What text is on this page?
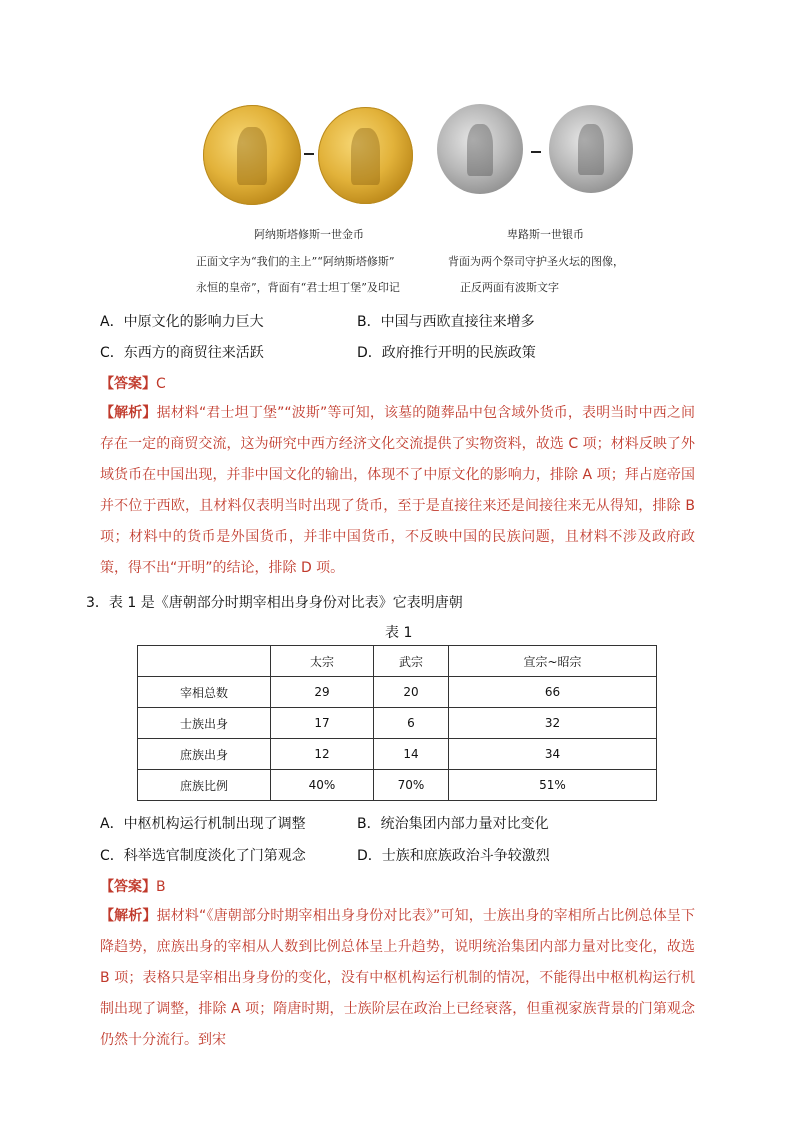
阿纳斯塔修斯一世金币	卑路斯一世银币
正面文字为“我们的主上”“阿纳斯塔修斯”	背面为两个祭司守护圣火坛的图像，
永恒的皇帝”，背面有“君士坦丁堡”及印记	正反两面有波斯文字
A．中原文化的影响力巨大	B．中国与西欧直接往来增多
C．东西方的商贸往来活跃	D．政府推行开明的民族政策
【答案】C
【解析】据材料“君士坦丁堡”“波斯”等可知，该墓的随葬品中包含域外货币，表明当时中西之间存在一定的商贸交流，这为研究中西方经济文化交流提供了实物资料，故选 C 项；材料反映了外域货币在中国出现，并非中国文化的输出，体现不了中原文化的影响力，排除 A 项；拜占庭帝国并不位于西欧，且材料仅表明当时出现了货币，至于是直接往来还是间接往来无从得知，排除 B 项；材料中的货币是外国货币，并非中国货币，不反映中国的民族问题，且材料不涉及政府政策，得不出“开明”的结论，排除 D 项。
3．表 1 是《唐朝部分时期宰相出身身份对比表》它表明唐朝
表 1
	太宗	武宗	宣宗~昭宗
宰相总数	29	20	66
士族出身	17	6	32
庶族出身	12	14	34
庶族比例	40%	70%	51%
A．中枢机构运行机制出现了调整	B．统治集团内部力量对比变化
C．科举选官制度淡化了门第观念	D．士族和庶族政治斗争较激烈
【答案】B
【解析】据材料“《唐朝部分时期宰相出身身份对比表》”可知，士族出身的宰相所占比例总体呈下降趋势，庶族出身的宰相从人数到比例总体呈上升趋势，说明统治集团内部力量对比变化，故选 B 项；表格只是宰相出身身份的变化，没有中枢机构运行机制的情况，不能得出中枢机构运行机制出现了调整，排除 A 项；隋唐时期，士族阶层在政治上已经衰落，但重视家族背景的门第观念仍然十分流行。到宋
